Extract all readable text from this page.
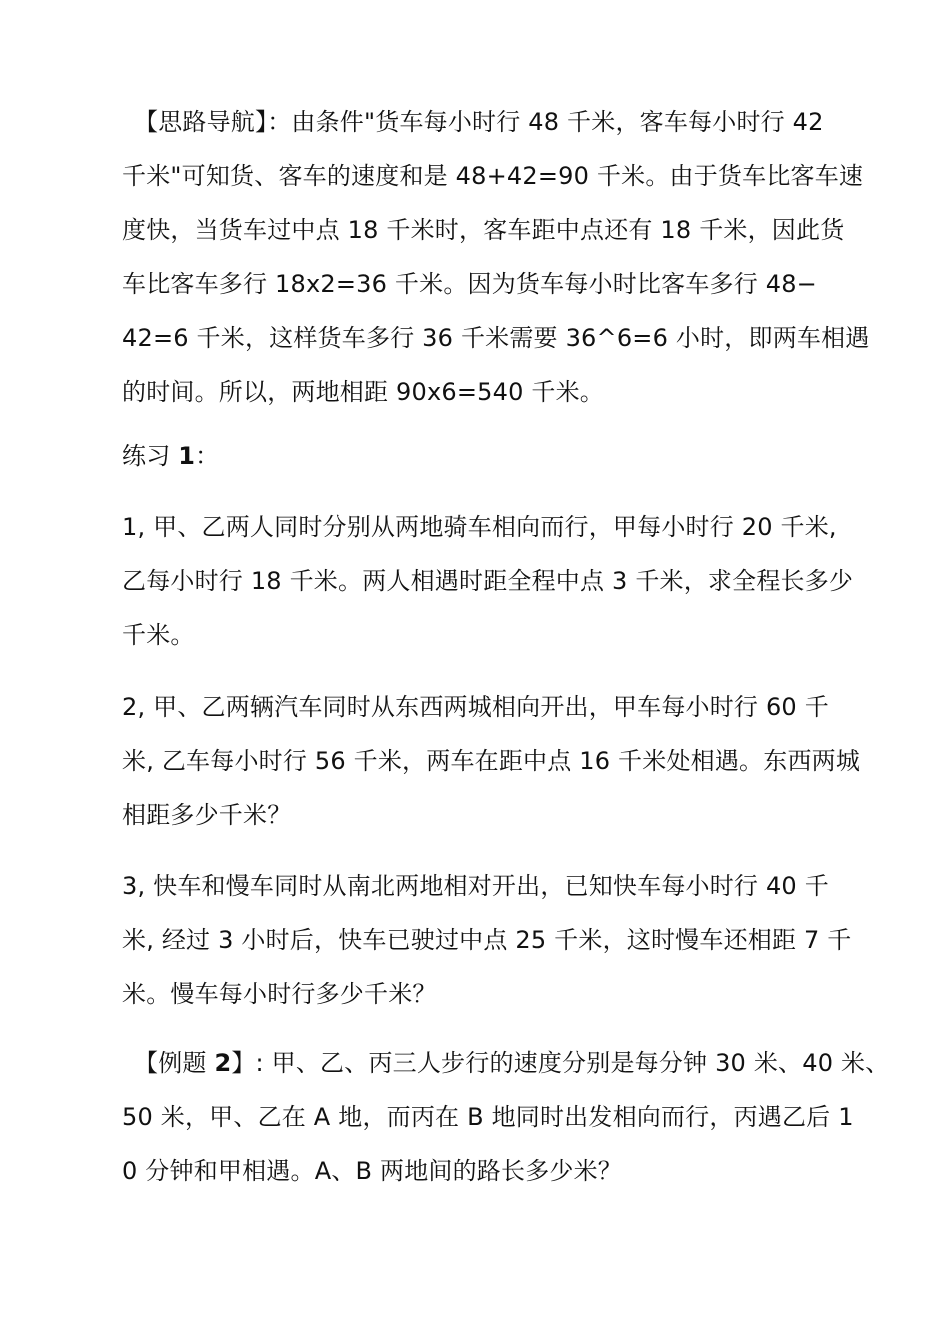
【思路导航】：由条件"货车每小时行 48 千米，客车每小时行 42
千米"可知货、客车的速度和是 48+42=90 千米。由于货车比客车速
度快，当货车过中点 18 千米时，客车距中点还有 18 千米，因此货
车比客车多行 18x2=36 千米。因为货车每小时比客车多行 48−
42=6 千米，这样货车多行 36 千米需要 36^6=6 小时，即两车相遇
的时间。所以，两地相距 90x6=540 千米。
练习 1：
1, 甲、乙两人同时分别从两地骑车相向而行，甲每小时行 20 千米,
乙每小时行 18 千米。两人相遇时距全程中点 3 千米，求全程长多少
千米。
2, 甲、乙两辆汽车同时从东西两城相向开出，甲车每小时行 60 千
米, 乙车每小时行 56 千米，两车在距中点 16 千米处相遇。东西两城
相距多少千米？
3, 快车和慢车同时从南北两地相对开出，已知快车每小时行 40 千
米, 经过 3 小时后，快车已驶过中点 25 千米，这时慢车还相距 7 千
米。慢车每小时行多少千米？
【例题 2】: 甲、乙、丙三人步行的速度分别是每分钟 30 米、40 米、
50 米，甲、乙在 A 地，而丙在 B 地同时出发相向而行，丙遇乙后 1
0 分钟和甲相遇。A、B 两地间的路长多少米？
